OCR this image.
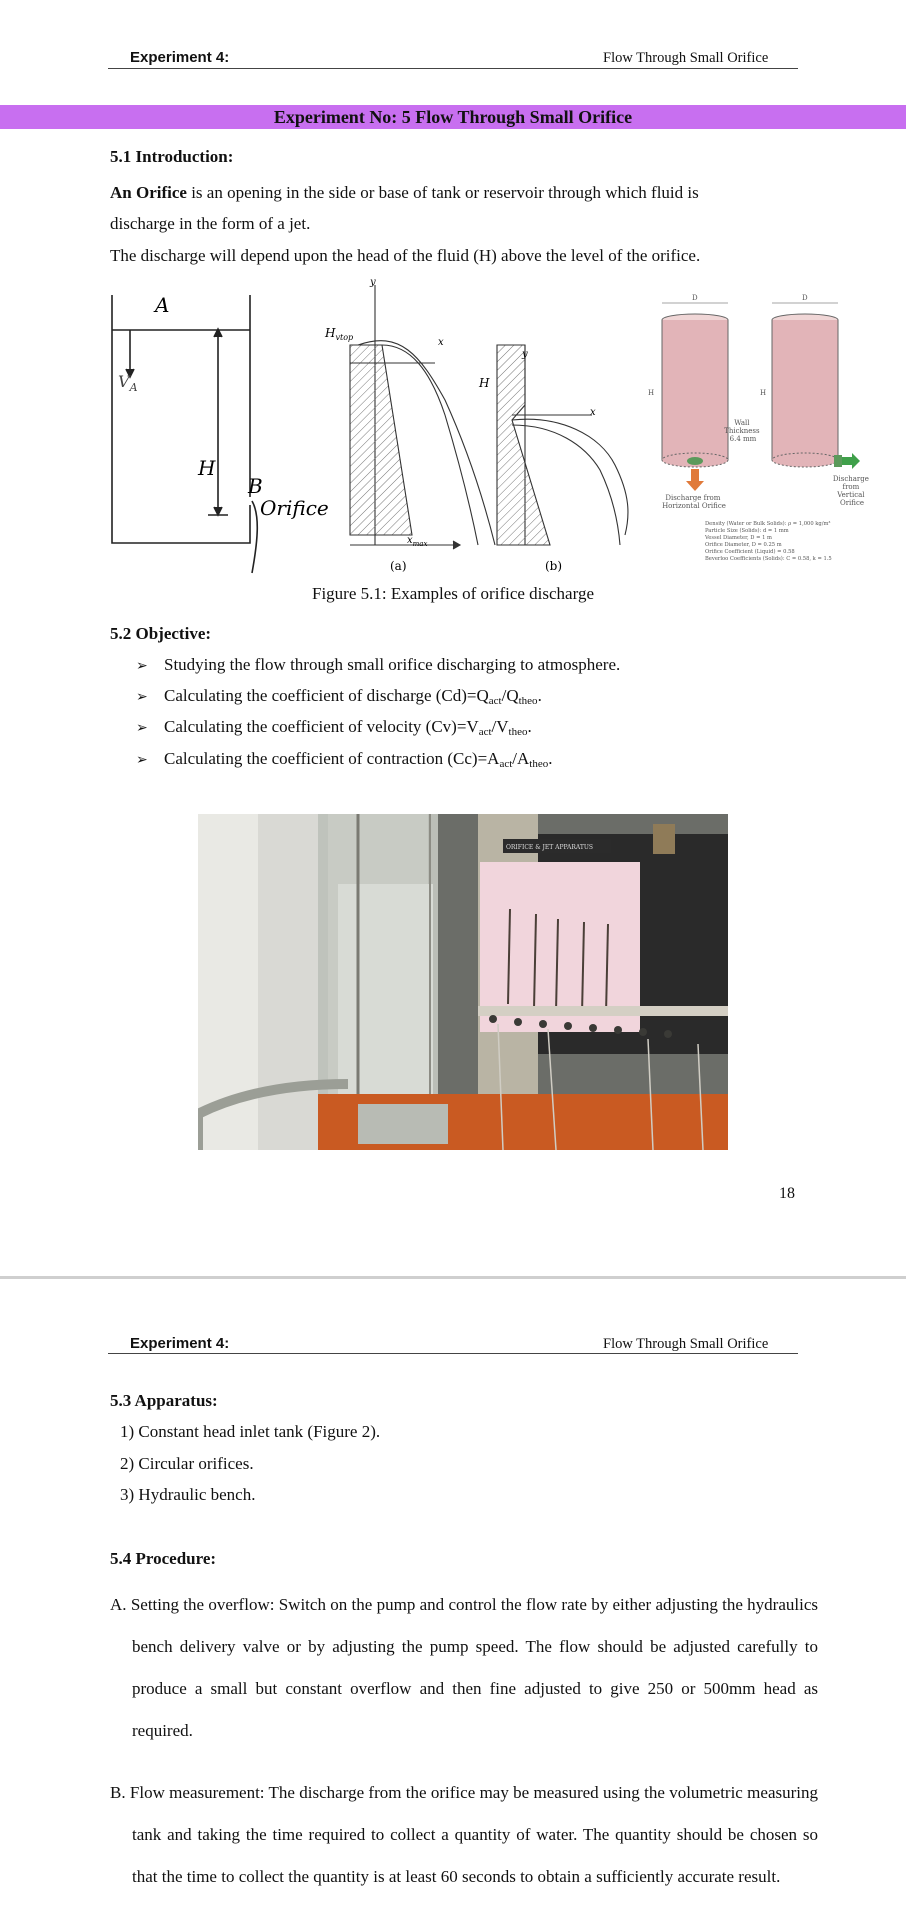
Experiment 4:	Flow Through Small Orifice
Experiment No: 5 Flow Through Small Orifice
5.1 Introduction:
An Orifice is an opening in the side or base of tank or reservoir through which fluid is
discharge in the form of a jet.
The discharge will depend upon the head of the fluid (H) above the level of the orifice.
A
$V_A$
H
B
Orifice
y
x
$H_{vtop}$
$x_{max}$
(a)
y
x
H
(b)
D	D
H	H
Wall Thickness 6.4 mm
Discharge from Horizontal Orifice
Discharge from Vertical Orifice
Density (Water or Bulk Solids): ρ = 1,000 kg/m³ Particle Size (Solids): d = 1 mm Vessel Diameter, D = 1 m Orifice Diameter, D = 0.25 m Orifice Coefficient (Liquid) = 0.58 Beverloo Coefficients (Solids): C = 0.58, k = 1.5
Figure 5.1: Examples of orifice discharge
5.2 Objective:
➢ Studying the flow through small orifice discharging to atmosphere.
➢ Calculating the coefficient of discharge $(Cd)=Q_{act}/Q_{theo}$.
➢ Calculating the coefficient of velocity $(Cv)=V_{act}/V_{theo}$.
➢ Calculating the coefficient of contraction $(Cc)=A_{act}/A_{theo}$.
ORIFICE & JET APPARATUS
18
Experiment 4:	Flow Through Small Orifice
5.3 Apparatus:
1) Constant head inlet tank (Figure 2).
2) Circular orifices.
3) Hydraulic bench.
5.4 Procedure:
A. Setting the overflow: Switch on the pump and control the flow rate by either adjusting the hydraulics bench delivery valve or by adjusting the pump speed. The flow should be adjusted carefully to produce a small but constant overflow and then fine adjusted to give 250 or 500mm head as required.
B. Flow measurement: The discharge from the orifice may be measured using the volumetric measuring tank and taking the time required to collect a quantity of water. The quantity should be chosen so that the time to collect the quantity is at least 60 seconds to obtain a sufficiently accurate result.
